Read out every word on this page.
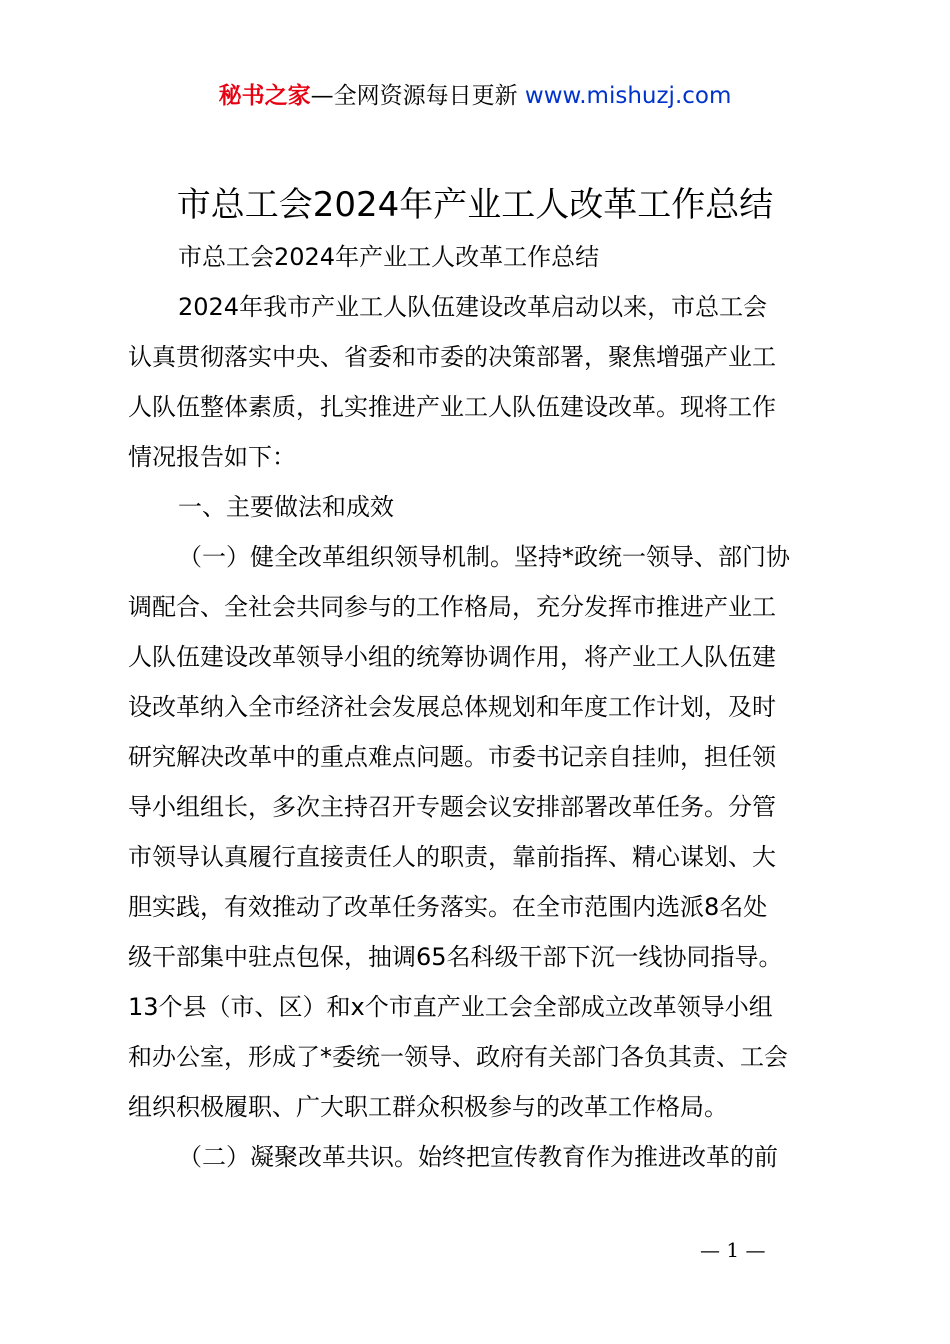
秘书之家—全网资源每日更新 www.mishuzj.com
市总工会2024年产业工人改革工作总结
市总工会2024年产业工人改革工作总结
2024年我市产业工人队伍建设改革启动以来，市总工会
认真贯彻落实中央、省委和市委的决策部署，聚焦增强产业工
人队伍整体素质，扎实推进产业工人队伍建设改革。现将工作
情况报告如下：
一、主要做法和成效
（一）健全改革组织领导机制。坚持*政统一领导、部门协
调配合、全社会共同参与的工作格局，充分发挥市推进产业工
人队伍建设改革领导小组的统筹协调作用，将产业工人队伍建
设改革纳入全市经济社会发展总体规划和年度工作计划，及时
研究解决改革中的重点难点问题。市委书记亲自挂帅，担任领
导小组组长，多次主持召开专题会议安排部署改革任务。分管
市领导认真履行直接责任人的职责，靠前指挥、精心谋划、大
胆实践，有效推动了改革任务落实。在全市范围内选派8名处
级干部集中驻点包保，抽调65名科级干部下沉一线协同指导。
13个县（市、区）和x个市直产业工会全部成立改革领导小组
和办公室，形成了*委统一领导、政府有关部门各负其责、工会
组织积极履职、广大职工群众积极参与的改革工作格局。
（二）凝聚改革共识。始终把宣传教育作为推进改革的前
— 1 —
